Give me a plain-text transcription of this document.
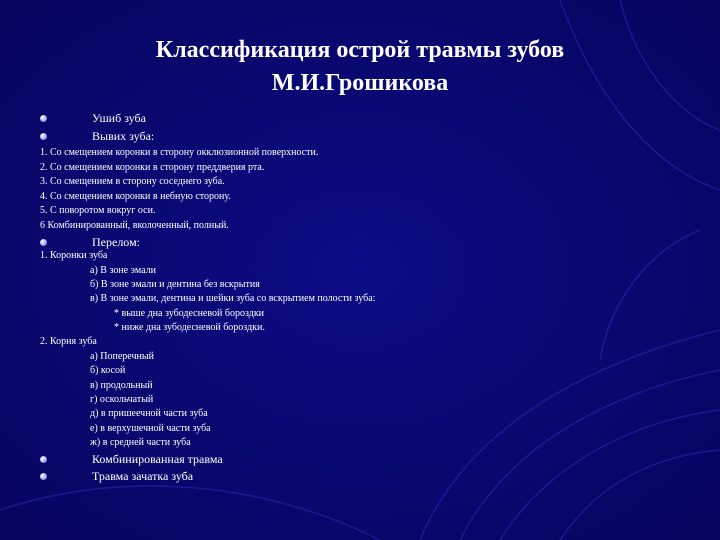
Классификация острой травмы зубов
М.И.Грошикова
Ушиб зуба
Вывих зуба:
1. Со смещением коронки в сторону окклюзионной поверхности.
2. Со смещением коронки в сторону преддверия рта.
3. Со смещением в сторону соседнего зуба.
4. Со смещением коронки в небную сторону.
5. С поворотом вокруг оси.
6 Комбинированный, вколоченный, полный.
Перелом:
1. Коронки зуба
а) В зоне эмали
б) В зоне эмали и дентина без вскрытия
в) В зоне эмали, дентина и шейки зуба со вскрытием полости зуба:
* выше дна зубодесневой бороздки
* ниже дна зубодесневой бороздки.
2. Корня зуба
а) Поперечный
б) косой
в) продольный
г) оскольчатый
д) в пришеечной части зуба
е) в верхушечной части зуба
ж) в средней части зуба
Комбинированная травма
Травма зачатка зуба
